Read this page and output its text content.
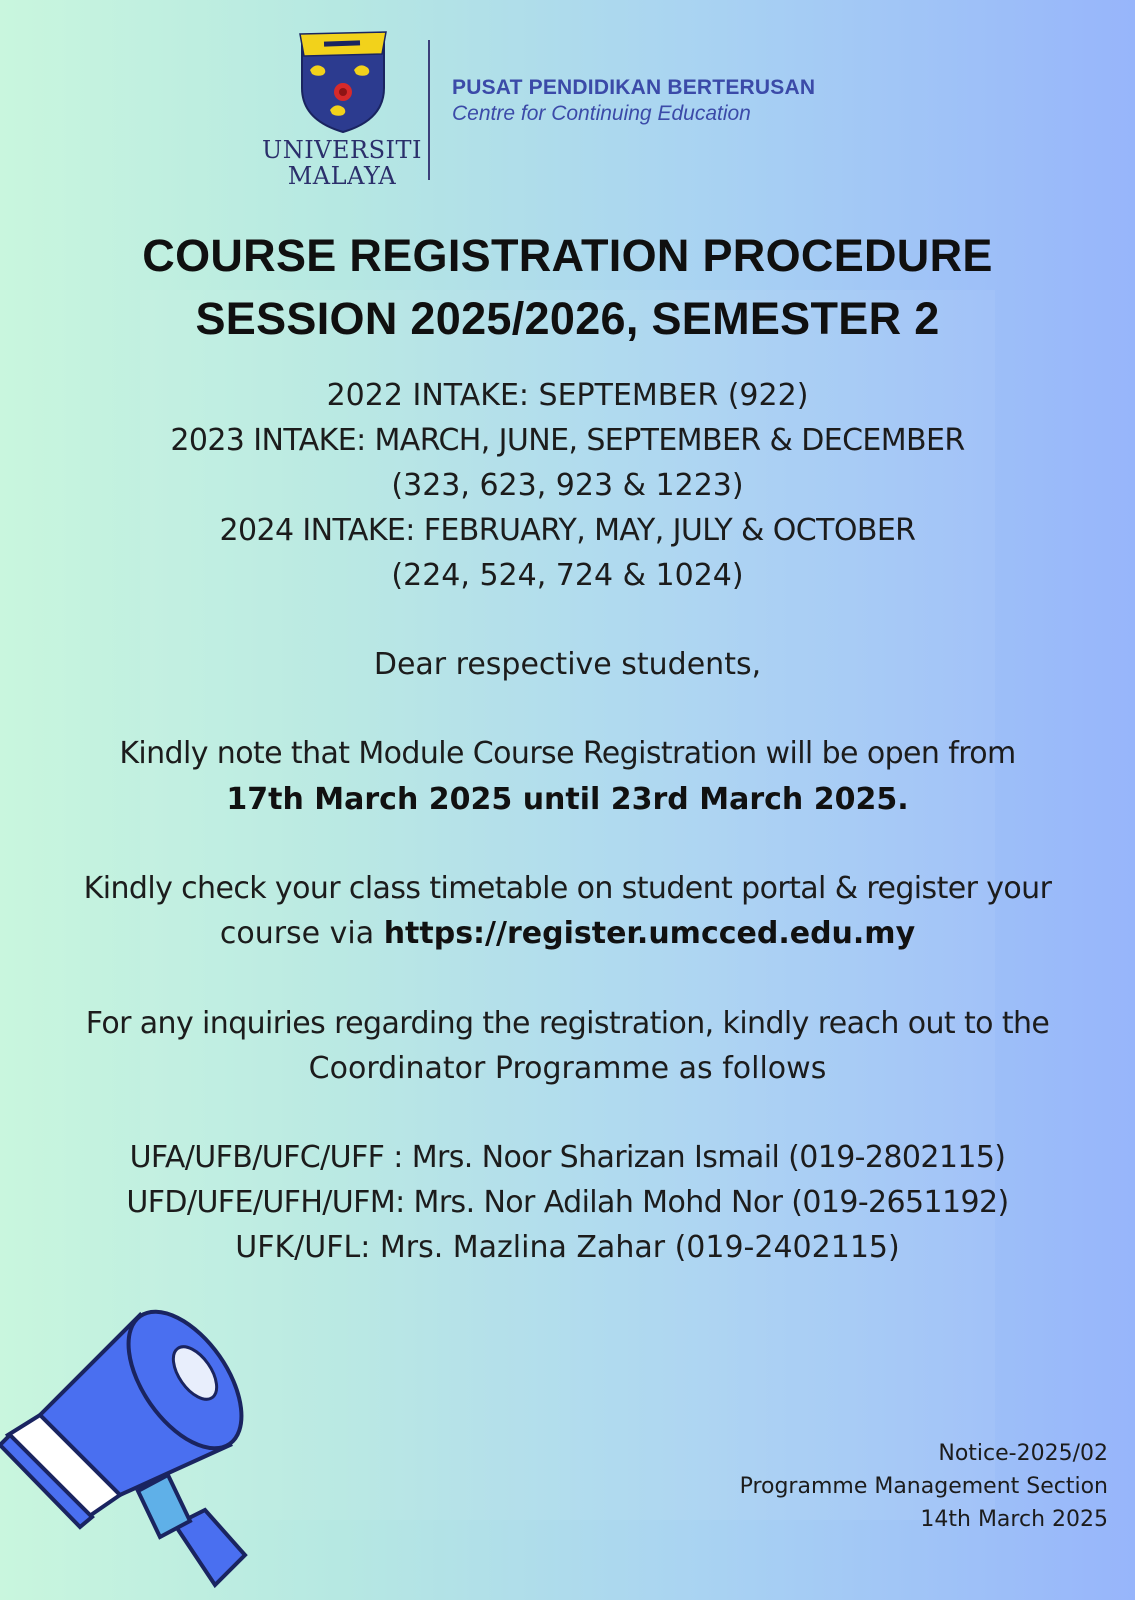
UNIVERSITI
MALAYA
PUSAT PENDIDIKAN BERTERUSAN
Centre for Continuing Education
COURSE REGISTRATION PROCEDURE
SESSION 2025/2026, SEMESTER 2
2022 INTAKE: SEPTEMBER (922)
2023 INTAKE: MARCH, JUNE, SEPTEMBER & DECEMBER
(323, 623, 923 & 1223)
2024 INTAKE: FEBRUARY, MAY, JULY & OCTOBER
(224, 524, 724 & 1024)
Dear respective students,
Kindly note that Module Course Registration will be open from
17th March 2025 until 23rd March 2025.
Kindly check your class timetable on student portal & register your
course via https://register.umcced.edu.my
For any inquiries regarding the registration, kindly reach out to the
Coordinator Programme as follows
UFA/UFB/UFC/UFF : Mrs. Noor Sharizan Ismail (019-2802115)
UFD/UFE/UFH/UFM: Mrs. Nor Adilah Mohd Nor (019-2651192)
UFK/UFL: Mrs. Mazlina Zahar (019-2402115)
Notice-2025/02
Programme Management Section
14th March 2025
